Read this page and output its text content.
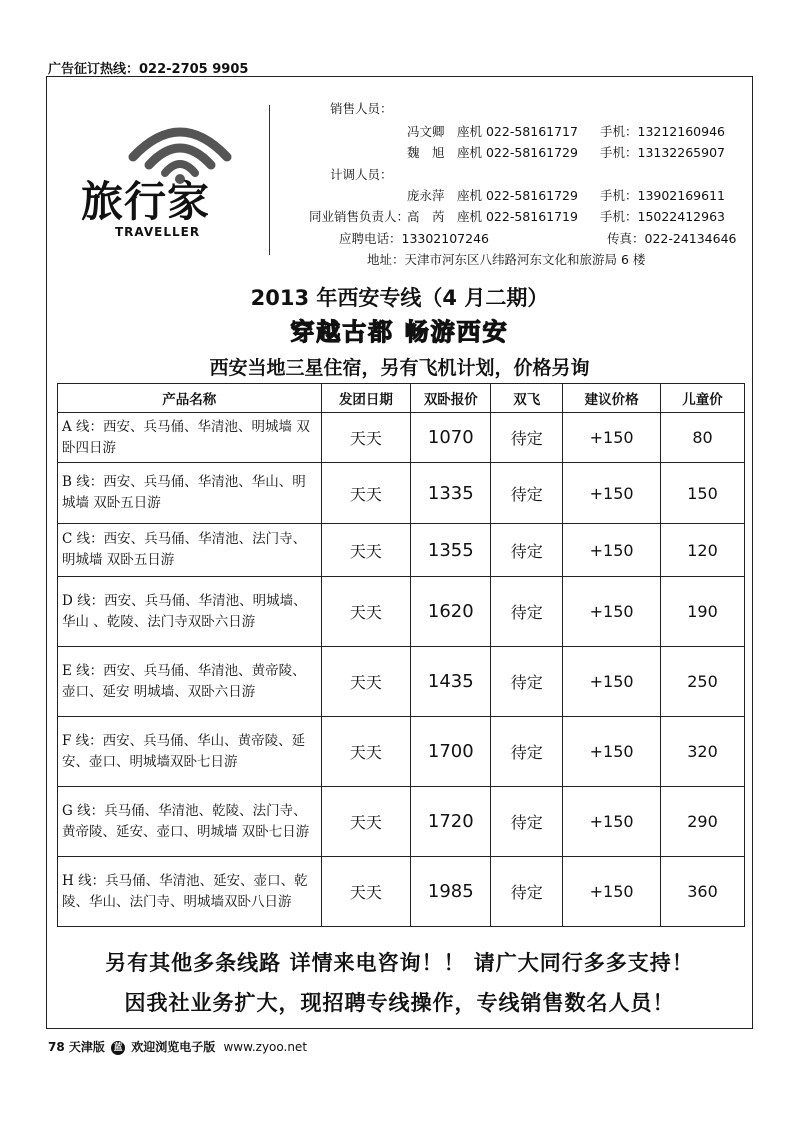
广告征订热线：022-2705 9905
旅行家
TRAVELLER
销售人员：
冯文卿 座机 022-58161717 手机：13212160946
魏　旭 座机 022-58161729 手机：13132265907
计调人员：
庞永萍 座机 022-58161729 手机：13902169611
同业销售负责人：
高　芮 座机 022-58161719 手机：15022412963
应聘电话：13302107246	传真：022-24134646
地址：天津市河东区八纬路河东文化和旅游局 6 楼
2013 年西安专线（4 月二期）
穿越古都 畅游西安
西安当地三星住宿，另有飞机计划，价格另询
产品名称	发团日期	双卧报价	双飞	建议价格	儿童价
A 线：西安、兵马俑、华清池、明城墙 双卧四日游	天天	1070	待定	+150	80
B 线：西安、兵马俑、华清池、华山、明城墙 双卧五日游	天天	1335	待定	+150	150
C 线：西安、兵马俑、华清池、法门寺、明城墙 双卧五日游	天天	1355	待定	+150	120
D 线：西安、兵马俑、华清池、明城墙、华山 、乾陵、法门寺双卧六日游	天天	1620	待定	+150	190
E 线：西安、兵马俑、华清池、黄帝陵、壶口、延安 明城墙、双卧六日游	天天	1435	待定	+150	250
F 线：西安、兵马俑、华山、黄帝陵、延安、壶口、明城墙双卧七日游	天天	1700	待定	+150	320
G 线：兵马俑、华清池、乾陵、法门寺、黄帝陵、延安、壶口、明城墙 双卧七日游	天天	1720	待定	+150	290
H 线：兵马俑、华清池、延安、壶口、乾陵、华山、法门寺、明城墙双卧八日游	天天	1985	待定	+150	360
另有其他多条线路 详情来电咨询！！ 请广大同行多多支持！
因我社业务扩大，现招聘专线操作，专线销售数名人员！
78 天津版 蓝 欢迎浏览电子版 www.zyoo.net
